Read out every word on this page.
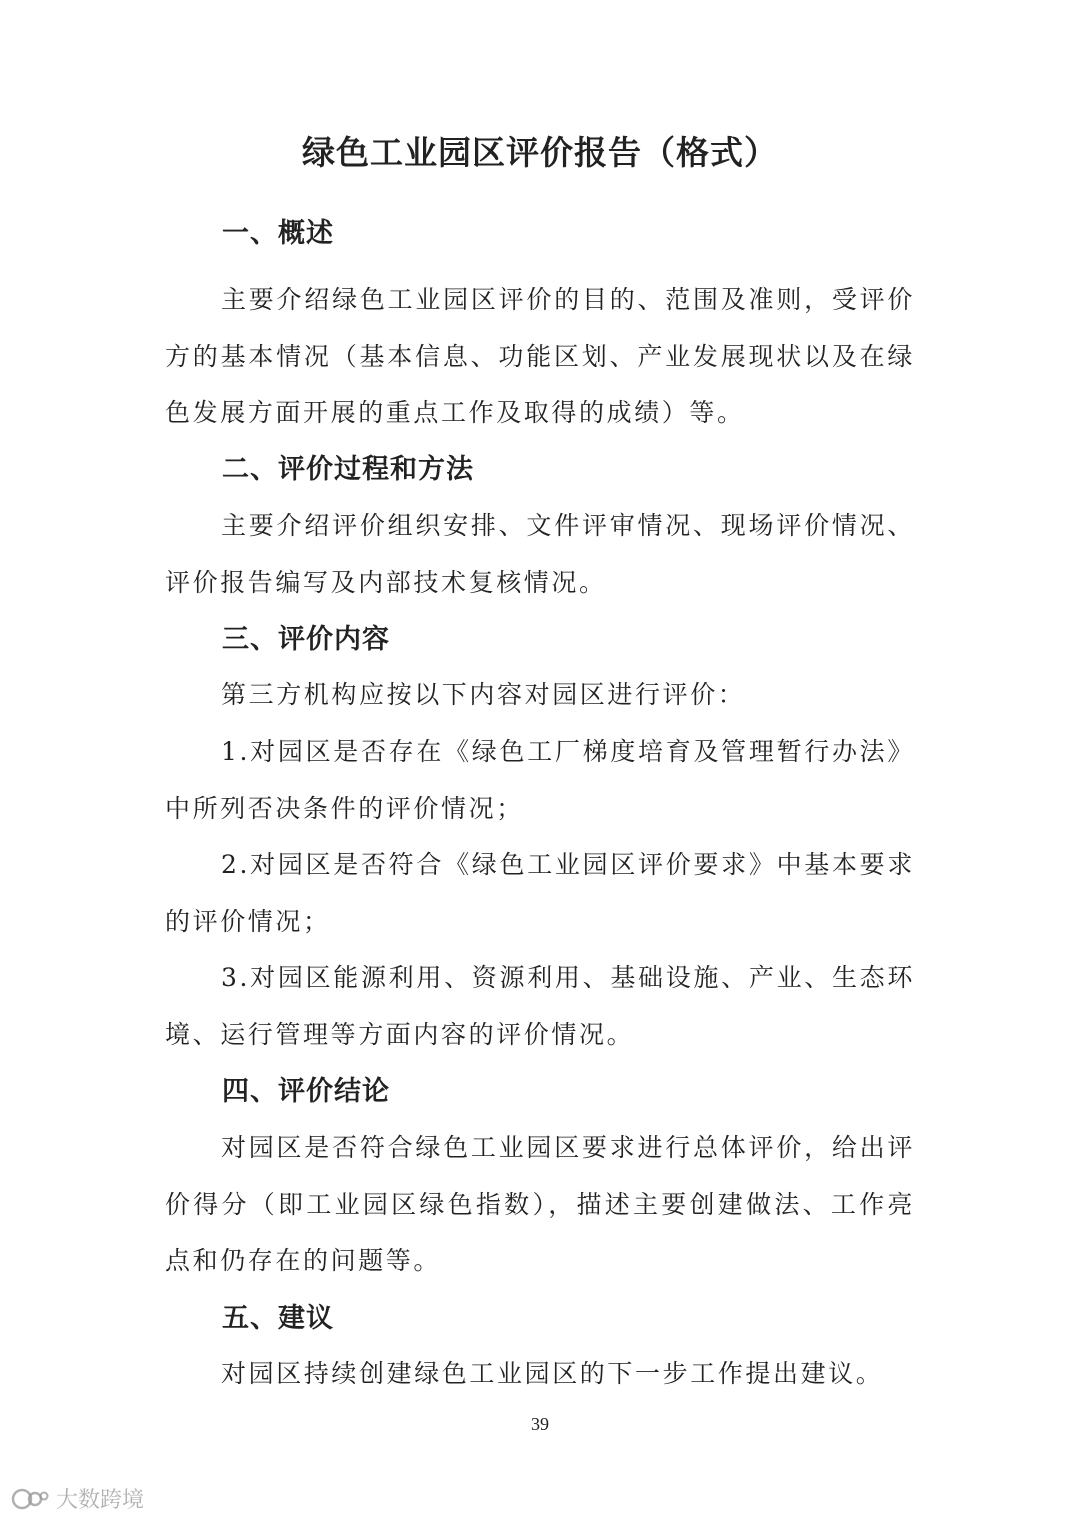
绿色工业园区评价报告（格式）
一、概述

主要介绍绿色工业园区评价的目的、范围及准则，受评价方的基本情况（基本信息、功能区划、产业发展现状以及在绿色发展方面开展的重点工作及取得的成绩）等。

二、评价过程和方法

主要介绍评价组织安排、文件评审情况、现场评价情况、评价报告编写及内部技术复核情况。

三、评价内容

第三方机构应按以下内容对园区进行评价：

1.对园区是否存在《绿色工厂梯度培育及管理暂行办法》中所列否决条件的评价情况；

2.对园区是否符合《绿色工业园区评价要求》中基本要求的评价情况；

3.对园区能源利用、资源利用、基础设施、产业、生态环境、运行管理等方面内容的评价情况。

四、评价结论

对园区是否符合绿色工业园区要求进行总体评价，给出评价得分（即工业园区绿色指数），描述主要创建做法、工作亮点和仍存在的问题等。

五、建议

对园区持续创建绿色工业园区的下一步工作提出建议。

39
大数跨境
